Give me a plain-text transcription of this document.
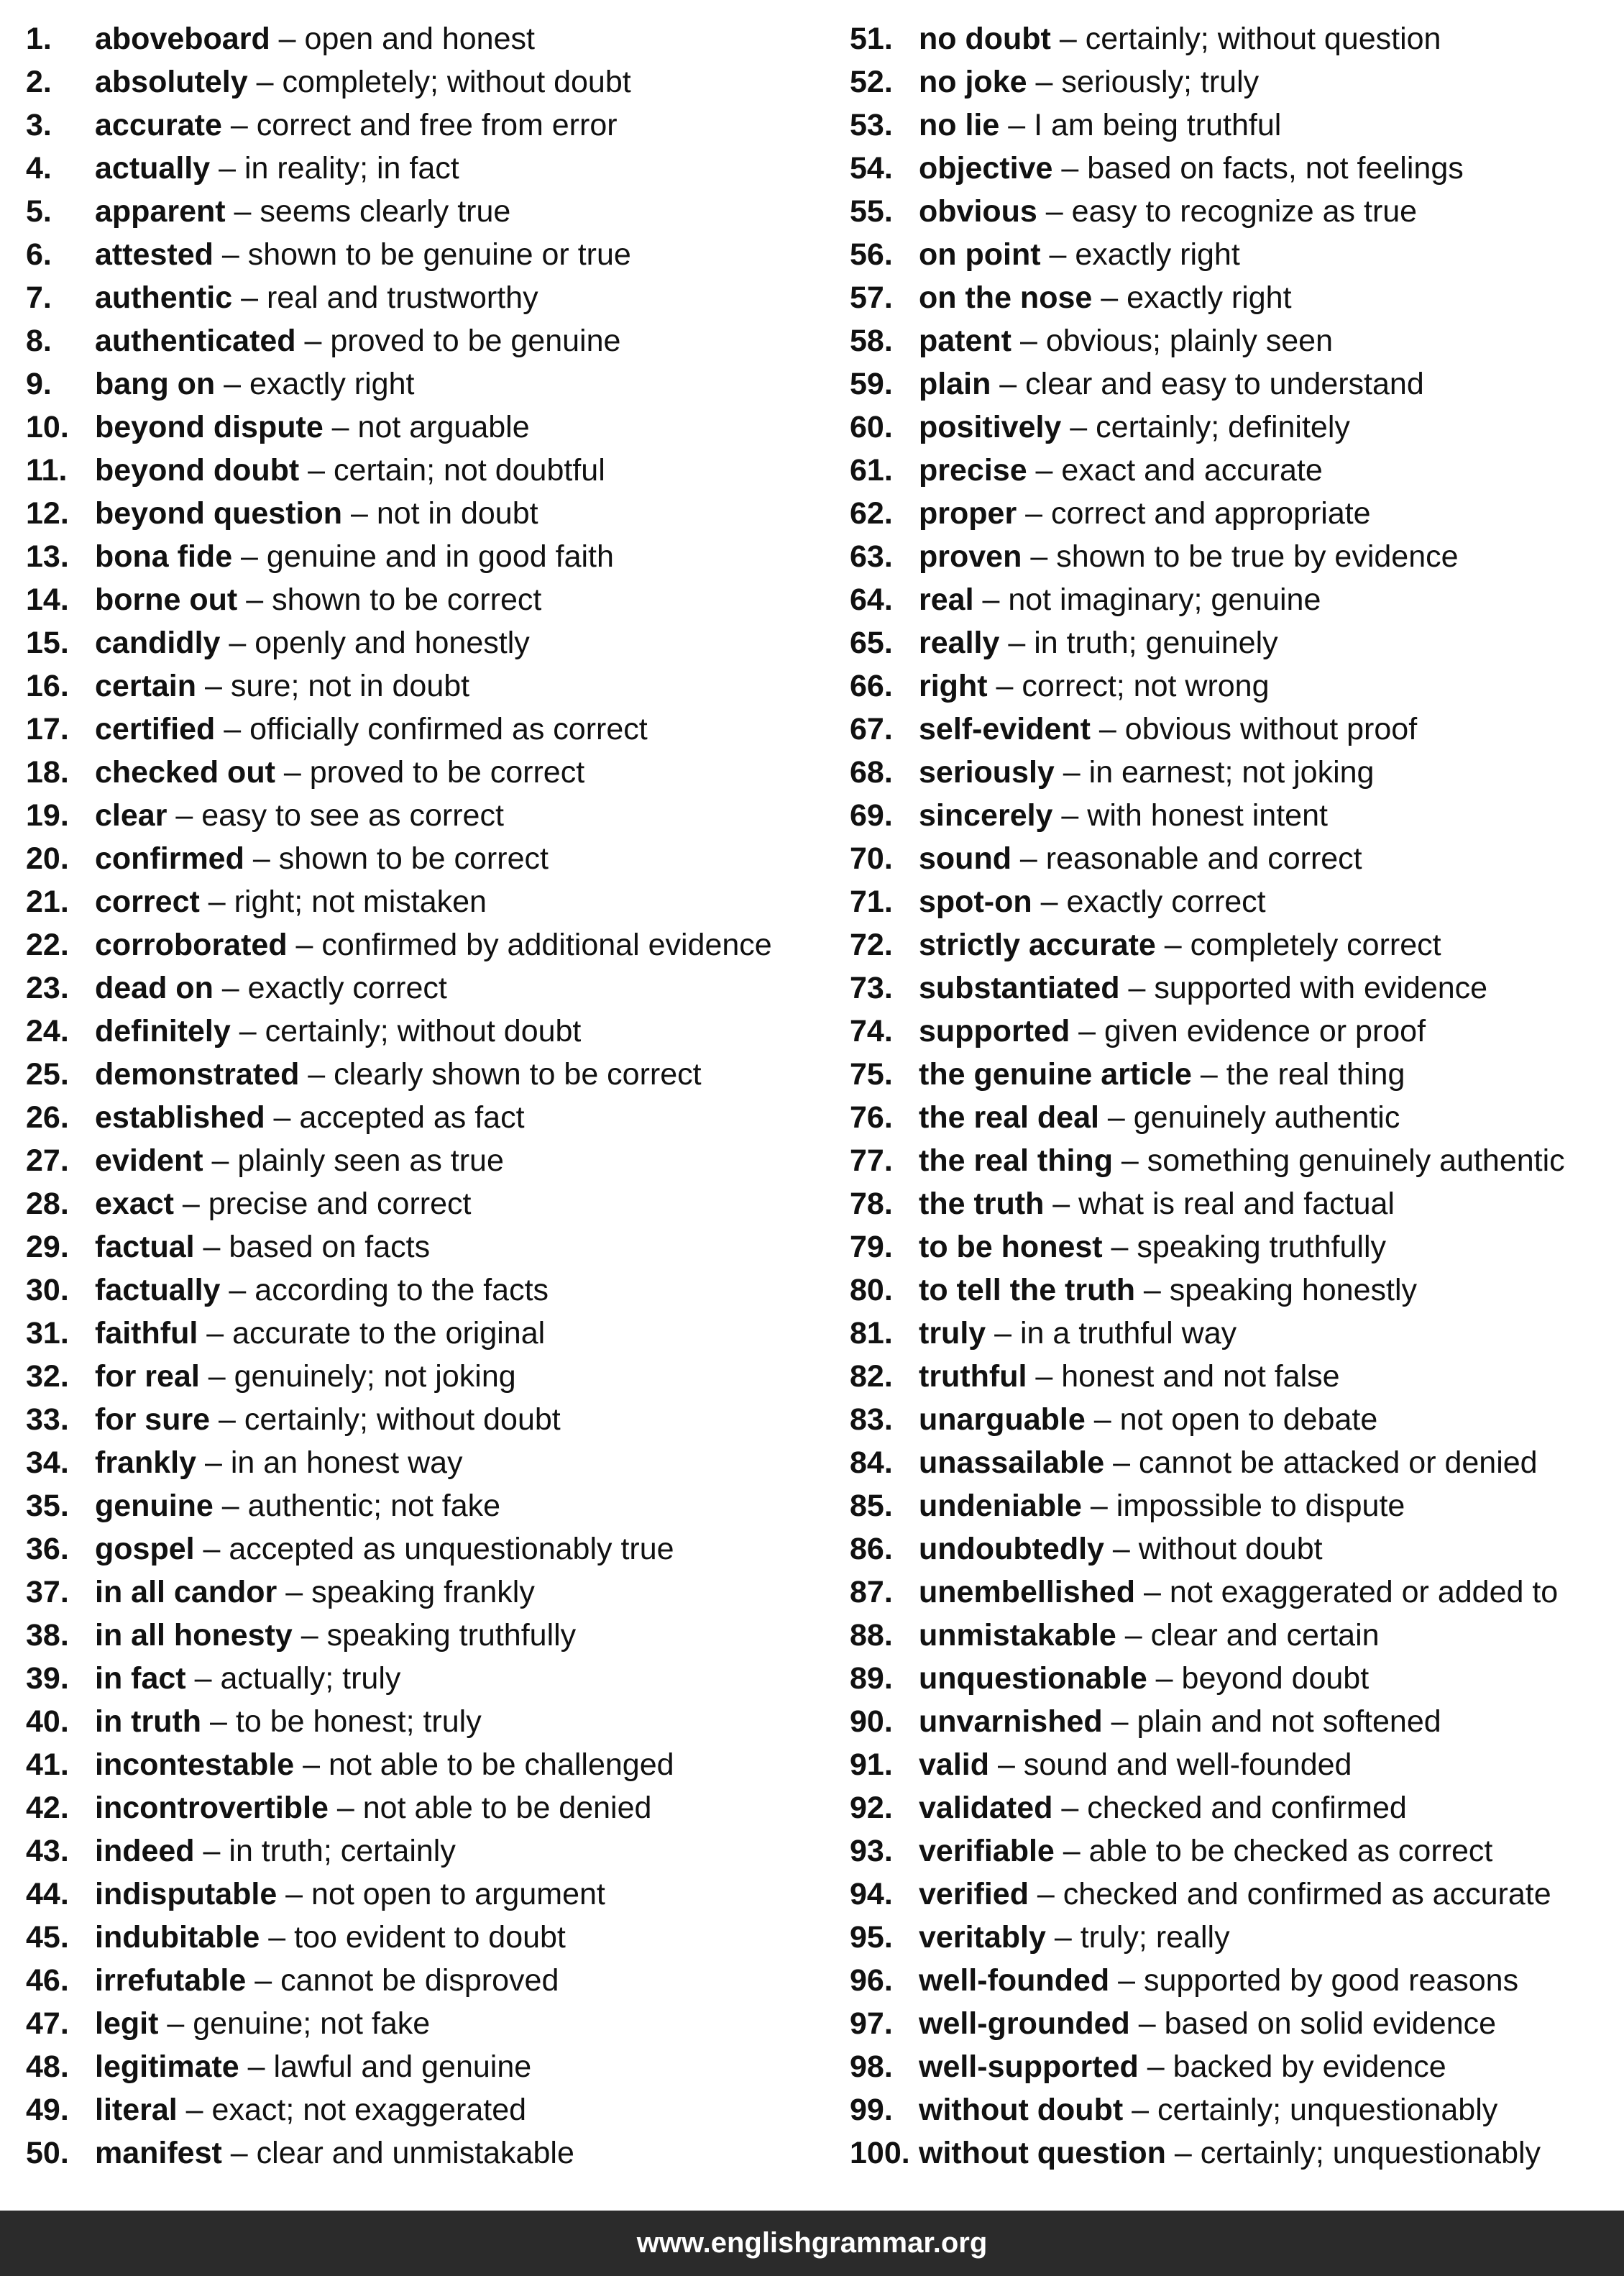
1. aboveboard – open and honest
2. absolutely – completely; without doubt
3. accurate – correct and free from error
4. actually – in reality; in fact
5. apparent – seems clearly true
6. attested – shown to be genuine or true
7. authentic – real and trustworthy
8. authenticated – proved to be genuine
9. bang on – exactly right
10. beyond dispute – not arguable
11. beyond doubt – certain; not doubtful
12. beyond question – not in doubt
13. bona fide – genuine and in good faith
14. borne out – shown to be correct
15. candidly – openly and honestly
16. certain – sure; not in doubt
17. certified – officially confirmed as correct
18. checked out – proved to be correct
19. clear – easy to see as correct
20. confirmed – shown to be correct
21. correct – right; not mistaken
22. corroborated – confirmed by additional evidence
23. dead on – exactly correct
24. definitely – certainly; without doubt
25. demonstrated – clearly shown to be correct
26. established – accepted as fact
27. evident – plainly seen as true
28. exact – precise and correct
29. factual – based on facts
30. factually – according to the facts
31. faithful – accurate to the original
32. for real – genuinely; not joking
33. for sure – certainly; without doubt
34. frankly – in an honest way
35. genuine – authentic; not fake
36. gospel – accepted as unquestionably true
37. in all candor – speaking frankly
38. in all honesty – speaking truthfully
39. in fact – actually; truly
40. in truth – to be honest; truly
41. incontestable – not able to be challenged
42. incontrovertible – not able to be denied
43. indeed – in truth; certainly
44. indisputable – not open to argument
45. indubitable – too evident to doubt
46. irrefutable – cannot be disproved
47. legit – genuine; not fake
48. legitimate – lawful and genuine
49. literal – exact; not exaggerated
50. manifest – clear and unmistakable
51. no doubt – certainly; without question
52. no joke – seriously; truly
53. no lie – I am being truthful
54. objective – based on facts, not feelings
55. obvious – easy to recognize as true
56. on point – exactly right
57. on the nose – exactly right
58. patent – obvious; plainly seen
59. plain – clear and easy to understand
60. positively – certainly; definitely
61. precise – exact and accurate
62. proper – correct and appropriate
63. proven – shown to be true by evidence
64. real – not imaginary; genuine
65. really – in truth; genuinely
66. right – correct; not wrong
67. self-evident – obvious without proof
68. seriously – in earnest; not joking
69. sincerely – with honest intent
70. sound – reasonable and correct
71. spot-on – exactly correct
72. strictly accurate – completely correct
73. substantiated – supported with evidence
74. supported – given evidence or proof
75. the genuine article – the real thing
76. the real deal – genuinely authentic
77. the real thing – something genuinely authentic
78. the truth – what is real and factual
79. to be honest – speaking truthfully
80. to tell the truth – speaking honestly
81. truly – in a truthful way
82. truthful – honest and not false
83. unarguable – not open to debate
84. unassailable – cannot be attacked or denied
85. undeniable – impossible to dispute
86. undoubtedly – without doubt
87. unembellished – not exaggerated or added to
88. unmistakable – clear and certain
89. unquestionable – beyond doubt
90. unvarnished – plain and not softened
91. valid – sound and well-founded
92. validated – checked and confirmed
93. verifiable – able to be checked as correct
94. verified – checked and confirmed as accurate
95. veritably – truly; really
96. well-founded – supported by good reasons
97. well-grounded – based on solid evidence
98. well-supported – backed by evidence
99. without doubt – certainly; unquestionably
100. without question – certainly; unquestionably
www.englishgrammar.org
